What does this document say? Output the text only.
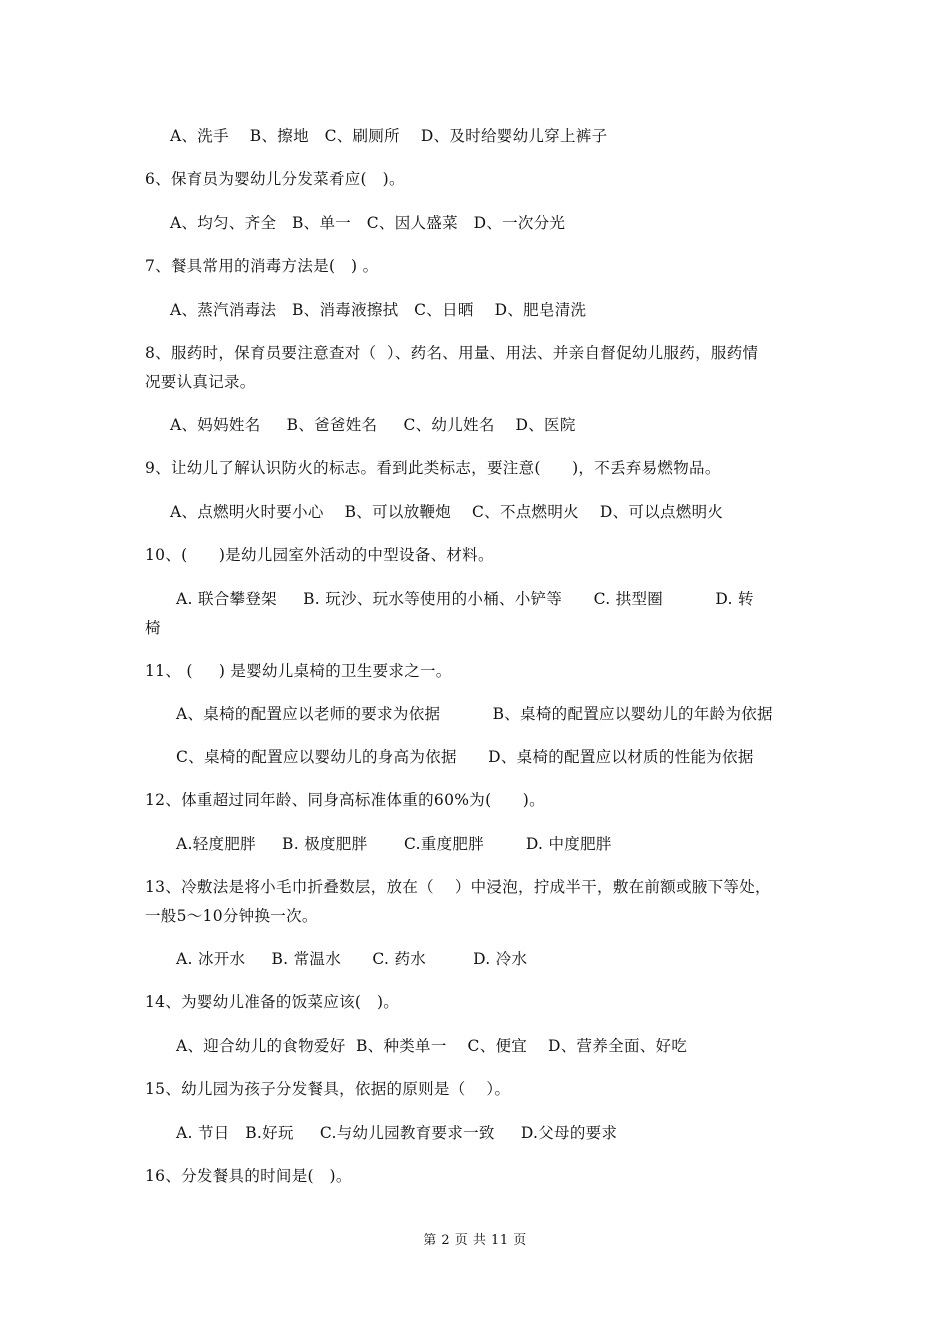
A、洗手    B、擦地   C、刷厕所    D、及时给婴幼儿穿上裤子
6、保育员为婴幼儿分发菜肴应(   )。
A、均匀、齐全   B、单一   C、因人盛菜   D、一次分光
7、餐具常用的消毒方法是(   ) 。
A、蒸汽消毒法   B、消毒液擦拭   C、日晒    D、肥皂清洗
8、服药时，保育员要注意查对（  ）、药名、用量、用法、并亲自督促幼儿服药，服药情
况要认真记录。
A、妈妈姓名     B、爸爸姓名     C、幼儿姓名    D、医院
9、让幼儿了解认识防火的标志。看到此类标志，要注意(      )，不丢弃易燃物品。
A、点燃明火时要小心    B、可以放鞭炮    C、不点燃明火    D、可以点燃明火
10、(      )是幼儿园室外活动的中型设备、材料。
A. 联合攀登架     B. 玩沙、玩水等使用的小桶、小铲等      C. 拱型圈          D. 转
椅
11、 (     ) 是婴幼儿桌椅的卫生要求之一。
A、桌椅的配置应以老师的要求为依据          B、桌椅的配置应以婴幼儿的年龄为依据
C、桌椅的配置应以婴幼儿的身高为依据      D、桌椅的配置应以材质的性能为依据
12、体重超过同年龄、同身高标准体重的60%为(      )。
A.轻度肥胖     B. 极度肥胖       C.重度肥胖        D. 中度肥胖
13、冷敷法是将小毛巾折叠数层，放在（    ）中浸泡，拧成半干，敷在前额或腋下等处，
一般5～10分钟换一次。
A. 冰开水     B. 常温水      C. 药水         D. 冷水
14、为婴幼儿准备的饭菜应该(   )。
A、迎合幼儿的食物爱好  B、种类单一    C、便宜    D、营养全面、好吃
15、幼儿园为孩子分发餐具，依据的原则是（    ）。
A. 节日   B.好玩     C.与幼儿园教育要求一致     D.父母的要求
16、分发餐具的时间是(   )。
第 2 页 共 11 页
